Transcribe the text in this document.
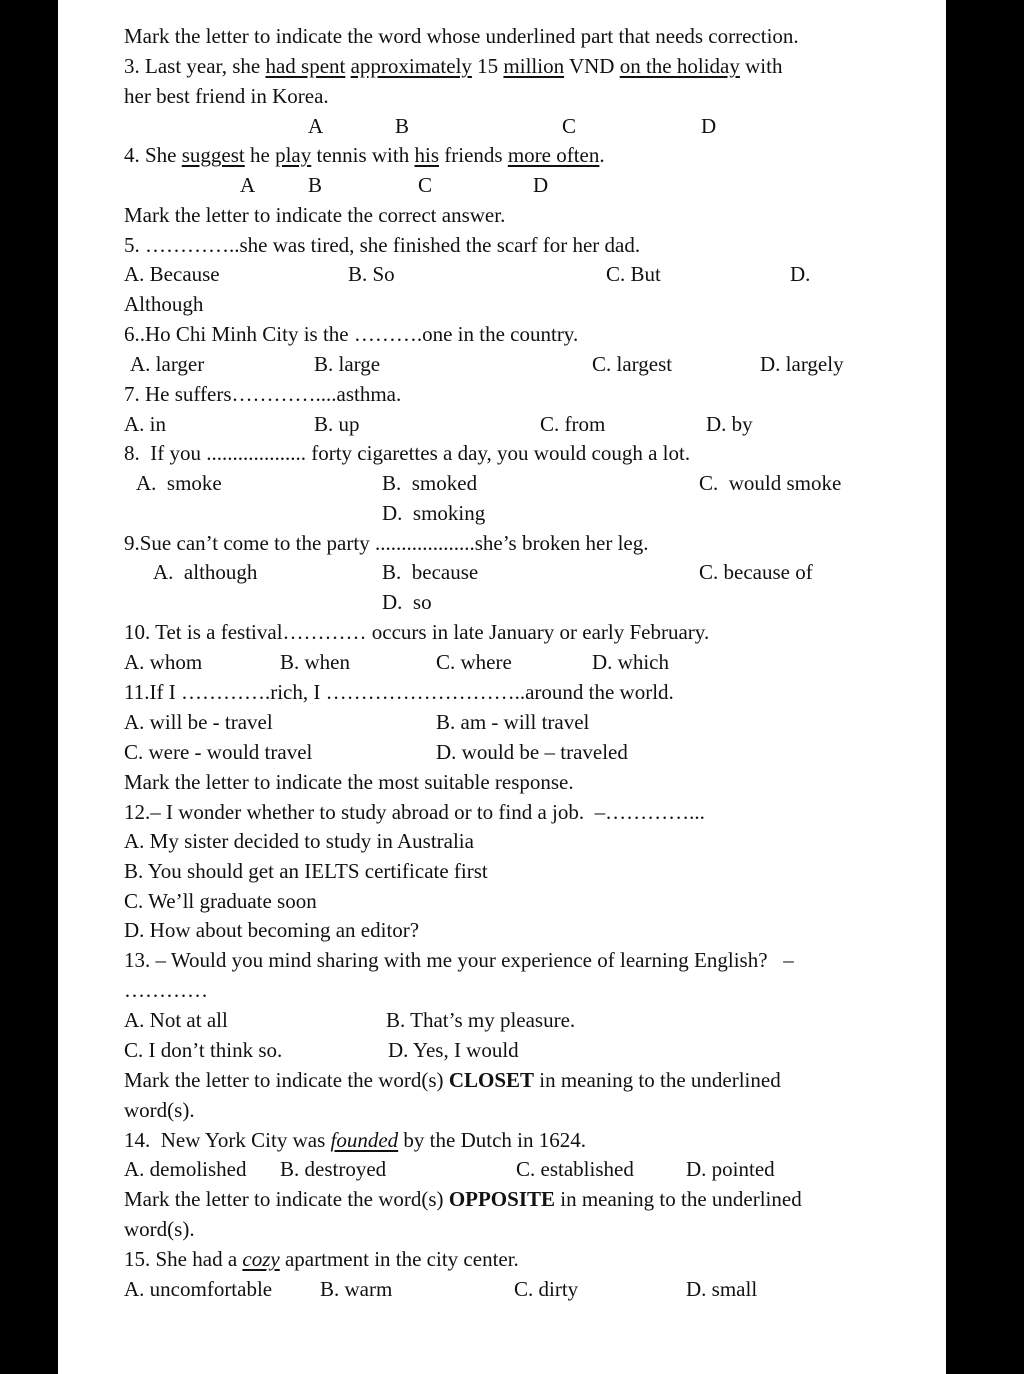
Mark the letter to indicate the word whose underlined part that needs correction.
3. Last year, she had spent approximately 15 million VND on the holiday with
her best friend in Korea.
A	B	C	D
4. She suggest he play tennis with his friends more often.
A	B	C	D
Mark the letter to indicate the correct answer.
5. …………..she was tired, she finished the scarf for her dad.
A. Because	B. So	C. But	D.
Although
6..Ho Chi Minh City is the ……….one in the country.
A. larger	B. large	C. largest	D. largely
7. He suffers…………....asthma.
A. in	B. up	C. from	D. by
8.  If you ................... forty cigarettes a day, you would cough a lot.
A.  smoke	B.  smoked	C.  would smoke
D.  smoking
9.Sue can’t come to the party ...................she’s broken her leg.
A.  although	B.  because	C. because of
D.  so
10. Tet is a festival………… occurs in late January or early February.
A. whom	B. when	C. where	D. which
11.If I ………….rich, I ………………………..around the world.
A. will be - travel	B. am - will travel
C. were - would travel	D. would be – traveled
Mark the letter to indicate the most suitable response.
12.– I wonder whether to study abroad or to find a job.  –…………...
A. My sister decided to study in Australia
B. You should get an IELTS certificate first
C. We’ll graduate soon
D. How about becoming an editor?
13. – Would you mind sharing with me your experience of learning English?   –
…………
A. Not at all	B. That’s my pleasure.
C. I don’t think so.	D. Yes, I would
Mark the letter to indicate the word(s) CLOSET in meaning to the underlined
word(s).
14.  New York City was founded by the Dutch in 1624.
A. demolished B. destroyed	C. established D. pointed
Mark the letter to indicate the word(s) OPPOSITE in meaning to the underlined
word(s).
15. She had a cozy apartment in the city center.
A. uncomfortable B. warm	C. dirty	D. small
